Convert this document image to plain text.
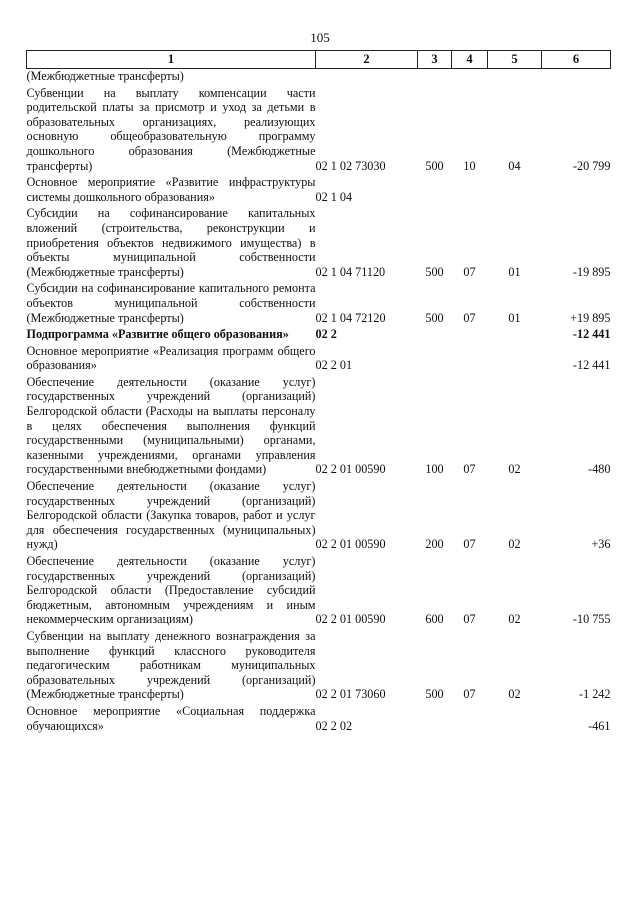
105
1	2	3	4	5	6
(Межбюджетные трансферты)					
Субвенции на выплату компенсации части родительской платы за присмотр и уход за детьми в образовательных организациях, реализующих основную общеобразовательную программу дошкольного образования (Межбюджетные трансферты)	02 1 02 73030	500	10	04	-20 799
Основное мероприятие «Развитие инфраструктуры системы дошкольного образования»	02 1 04				
Субсидии на софинансирование капитальных вложений (строительства, реконструкции и приобретения объектов недвижимого имущества) в объекты муниципальной собственности (Межбюджетные трансферты)	02 1 04 71120	500	07	01	-19 895
Субсидии на софинансирование капитального ремонта объектов муниципальной собственности (Межбюджетные трансферты)	02 1 04 72120	500	07	01	+19 895
Подпрограмма «Развитие общего образования»	02 2				-12 441
Основное мероприятие «Реализация программ общего образования»	02 2 01				-12 441
Обеспечение деятельности (оказание услуг) государственных учреждений (организаций) Белгородской области (Расходы на выплаты персоналу в целях обеспечения выполнения функций государственными (муниципальными) органами, казенными учреждениями, органами управления государственными внебюджетными фондами)	02 2 01 00590	100	07	02	-480
Обеспечение деятельности (оказание услуг) государственных учреждений (организаций) Белгородской области (Закупка товаров, работ и услуг для обеспечения государственных (муниципальных) нужд)	02 2 01 00590	200	07	02	+36
Обеспечение деятельности (оказание услуг) государственных учреждений (организаций) Белгородской области (Предоставление субсидий бюджетным, автономным учреждениям и иным некоммерческим организациям)	02 2 01 00590	600	07	02	-10 755
Субвенции на выплату денежного вознаграждения за выполнение функций классного руководителя педагогическим работникам муниципальных образовательных учреждений (организаций) (Межбюджетные трансферты)	02 2 01 73060	500	07	02	-1 242
Основное мероприятие «Социальная поддержка обучающихся»	02 2 02				-461
